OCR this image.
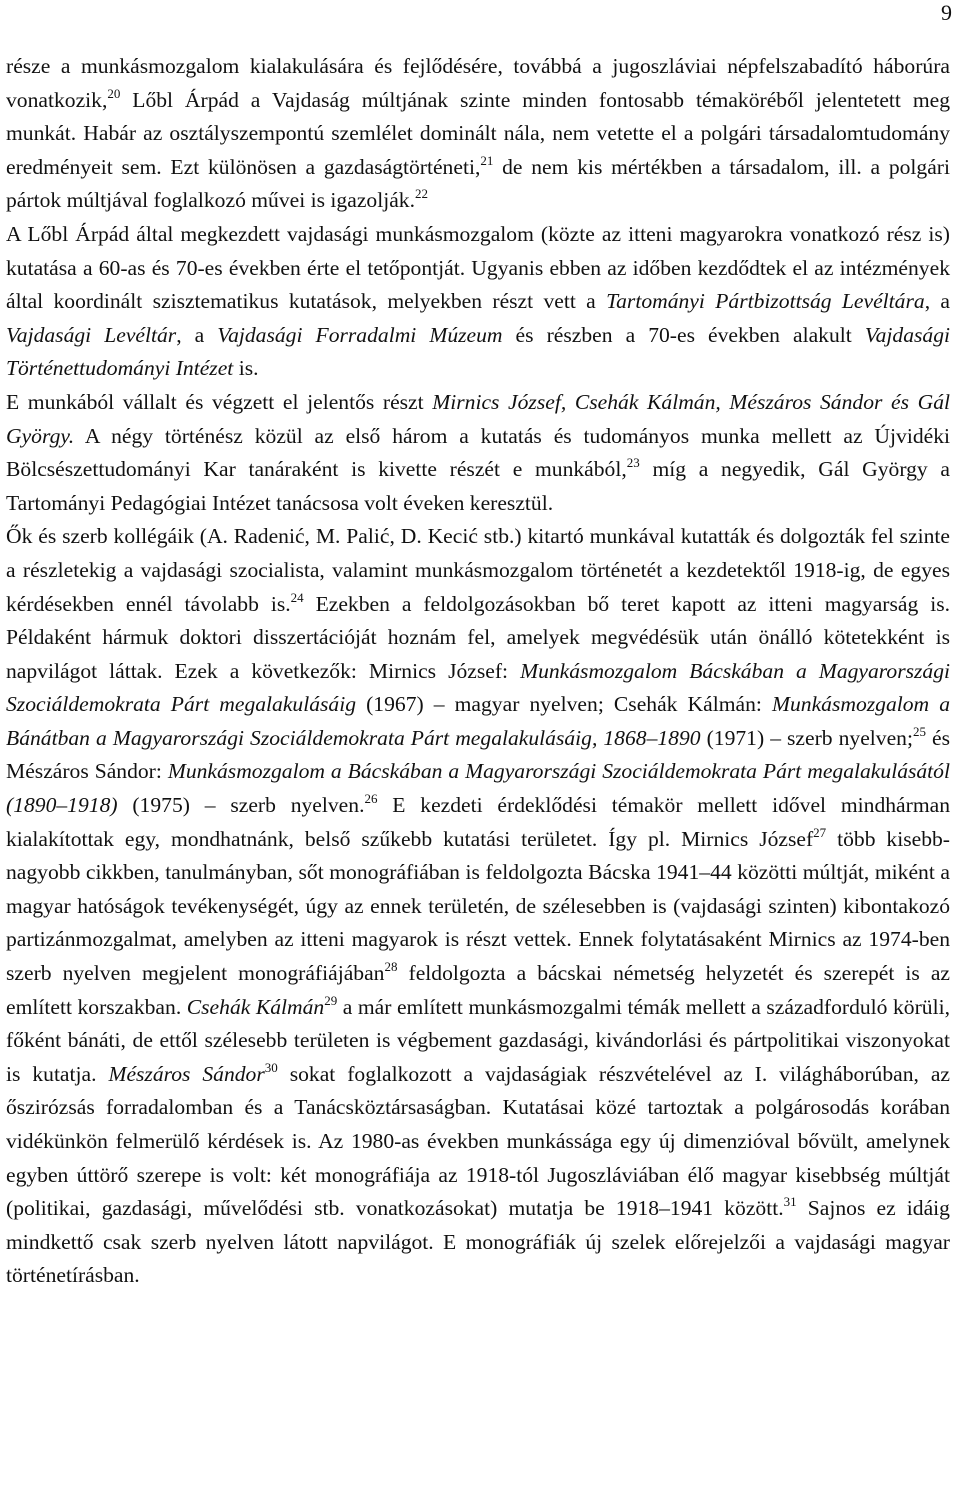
9

része a munkásmozgalom kialakulására és fejlődésére, továbbá a jugoszláviai népfelszabadító háborúra vonatkozik,$^{20}$ Lőbl Árpád a Vajdaság múltjának szinte minden fontosabb témaköréből jelentetett meg munkát. Habár az osztályszempontú szemlélet dominált nála, nem vetette el a polgári társadalomtudomány eredményeit sem. Ezt különösen a gazdaságtörténeti,$^{21}$ de nem kis mértékben a társadalom, ill. a polgári pártok múltjával foglalkozó művei is igazolják.$^{22}$

A Lőbl Árpád által megkezdett vajdasági munkásmozgalom (közte az itteni magyarokra vonatkozó rész is) kutatása a 60-as és 70-es években érte el tetőpontját. Ugyanis ebben az időben kezdődtek el az intézmények által koordinált szisztematikus kutatások, melyekben részt vett a Tartományi Pártbizottság Levéltára, a Vajdasági Levéltár, a Vajdasági Forradalmi Múzeum és részben a 70-es években alakult Vajdasági Történettudományi Intézet is.

E munkából vállalt és végzett el jelentős részt Mirnics József, Csehák Kálmán, Mészáros Sándor és Gál György. A négy történész közül az első három a kutatás és tudományos munka mellett az Újvidéki Bölcsészettudományi Kar tanáraként is kivette részét e munkából,$^{23}$ míg a negyedik, Gál György a Tartományi Pedagógiai Intézet tanácsosa volt éveken keresztül.

Ők és szerb kollégáik (A. Radenić, M. Palić, D. Kecić stb.) kitartó munkával kutatták és dolgozták fel szinte a részletekig a vajdasági szocialista, valamint munkásmozgalom történetét a kezdetektől 1918-ig, de egyes kérdésekben ennél távolabb is.$^{24}$ Ezekben a feldolgozásokban bő teret kapott az itteni magyarság is. Példaként hármuk doktori disszertációját hoznám fel, amelyek megvédésük után önálló kötetekként is napvilágot láttak. Ezek a következők: Mirnics József: Munkásmozgalom Bácskában a Magyarországi Szociáldemokrata Párt megalakulásáig (1967) – magyar nyelven; Csehák Kálmán: Munkásmozgalom a Bánátban a Magyarországi Szociáldemokrata Párt megalakulásáig, 1868–1890 (1971) – szerb nyelven;$^{25}$ és Mészáros Sándor: Munkásmozgalom a Bácskában a Magyarországi Szociáldemokrata Párt megalakulásától (1890–1918) (1975) – szerb nyelven.$^{26}$ E kezdeti érdeklődési témakör mellett idővel mindhárman kialakítottak egy, mondhatnánk, belső szűkebb kutatási területet. Így pl. Mirnics József$^{27}$ több kisebb-nagyobb cikkben, tanulmányban, sőt monográfiában is feldolgozta Bácska 1941–44 közötti múltját, miként a magyar hatóságok tevékenységét, úgy az ennek területén, de szélesebben is (vajdasági szinten) kibontakozó partizánmozgalmat, amelyben az itteni magyarok is részt vettek. Ennek folytatásaként Mirnics az 1974-ben szerb nyelven megjelent monográfiájában$^{28}$ feldolgozta a bácskai németség helyzetét és szerepét is az említett korszakban. Csehák Kálmán$^{29}$ a már említett munkásmozgalmi témák mellett a századforduló körüli, főként bánáti, de ettől szélesebb területen is végbement gazdasági, kivándorlási és pártpolitikai viszonyokat is kutatja. Mészáros Sándor$^{30}$ sokat foglalkozott a vajdaságiak részvételével az I. világháborúban, az őszirózsás forradalomban és a Tanácsköztársaságban. Kutatásai közé tartoztak a polgárosodás korában vidékünkön felmerülő kérdések is. Az 1980-as években munkássága egy új dimenzióval bővült, amelynek egyben úttörő szerepe is volt: két monográfiája az 1918-tól Jugoszláviában élő magyar kisebbség múltját (politikai, gazdasági, művelődési stb. vonatkozásokat) mutatja be 1918–1941 között.$^{31}$ Sajnos ez idáig mindkettő csak szerb nyelven látott napvilágot. E monográfiák új szelek előrejelzői a vajdasági magyar történetírásban.
